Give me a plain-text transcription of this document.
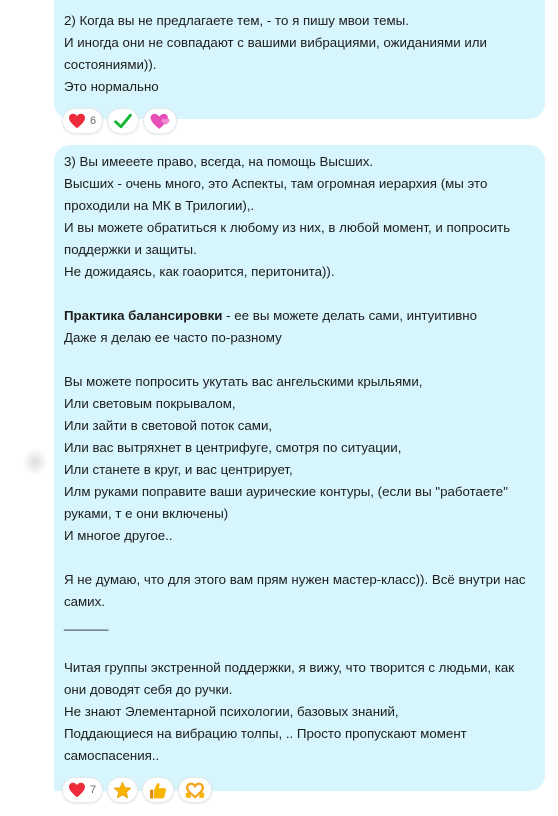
2) Когда вы не предлагаете тем, - то я пишу мвои темы.
И иногда они не совпадают с вашими вибрациями, ожиданиями или
состояниями)).
Это нормально
6
3) Вы имееете право, всегда, на помощь Высших.
Высших - очень много, это Аспекты, там огромная иерархия (мы это
проходили на МК в Трилогии),.
И вы можете обратиться к любому из них, в любой момент, и попросить
поддержки и защиты.
Не дожидаясь, как гоаорится, перитонита)).
Практика балансировки - ее вы можете делать сами, интуитивно
Даже я делаю ее часто по-разному
Вы можете попросить укутать вас ангельскими крыльями,
Или световым покрывалом,
Или зайти в световой поток сами,
Или вас вытряхнет в центрифуге, смотря по ситуации,
Или станете в круг, и вас центрирует,
Илм руками поправите ваши аурические контуры, (если вы "работаете"
руками, т е они включены)
И многое другое..
Я не думаю, что для этого вам прям нужен мастер-класс)). Всё внутри нас
самих.
______
Читая группы экстренной поддержки, я вижу, что творится с людьми, как
они доводят себя до ручки.
Не знают Элементарной психологии, базовых знаний,
Поддающиеся на вибрацию толпы, .. Просто пропускают момент
самоспасения..
7
